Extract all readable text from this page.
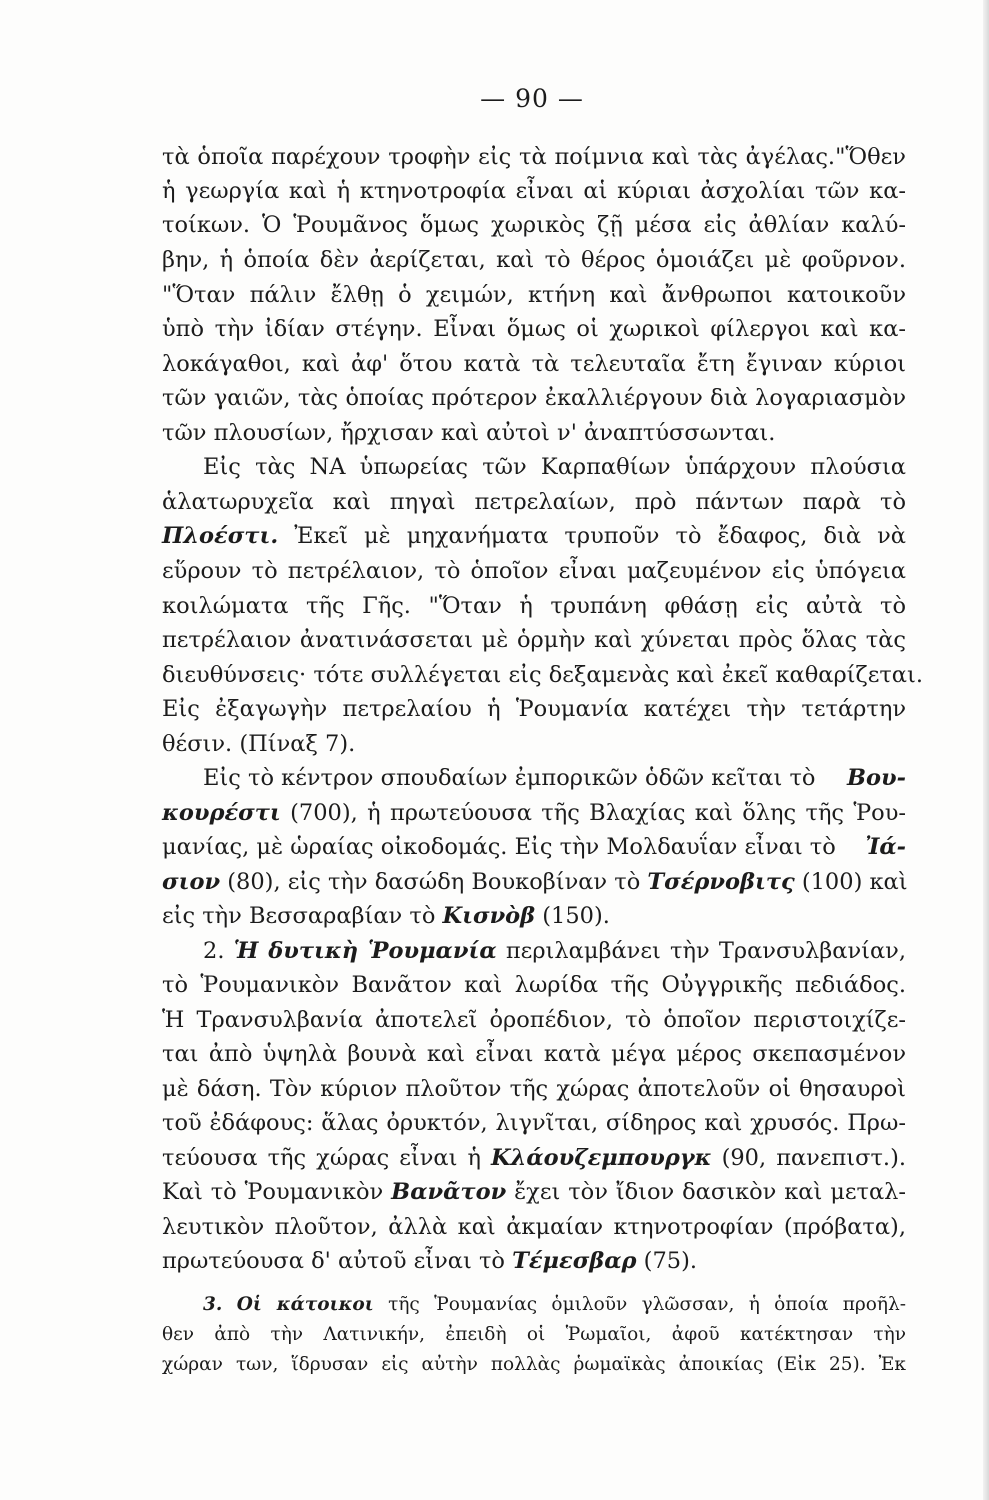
— 90 —
τὰ ὁποῖα παρέχουν τροφὴν εἰς τὰ ποίμνια καὶ τὰς ἀγέλας."Ὅθεν
ἡ γεωργία καὶ ἡ κτηνοτροφία εἶναι αἱ κύριαι ἀσχολίαι τῶν κα-
τοίκων. Ὁ Ῥουμᾶνος ὅμως χωρικὸς ζῇ μέσα εἰς ἀθλίαν καλύ-
βην, ἡ ὁποία δὲν ἀερίζεται, καὶ τὸ θέρος ὁμοιάζει μὲ φοῦρνον.
"Ὅταν πάλιν ἔλθῃ ὁ χειμών, κτήνη καὶ ἄνθρωποι κατοικοῦν
ὑπὸ τὴν ἰδίαν στέγην. Εἶναι ὅμως οἱ χωρικοὶ φίλεργοι καὶ κα-
λοκάγαθοι, καὶ ἀφ' ὅτου κατὰ τὰ τελευταῖα ἔτη ἔγιναν κύριοι
τῶν γαιῶν, τὰς ὁποίας πρότερον ἐκαλλιέργουν διὰ λογαριασμὸν
τῶν πλουσίων, ἤρχισαν καὶ αὐτοὶ ν' ἀναπτύσσωνται.
Εἰς τὰς ΝΑ ὑπωρείας τῶν Καρπαθίων ὑπάρχουν πλούσια
ἁλατωρυχεῖα καὶ πηγαὶ πετρελαίων, πρὸ πάντων παρὰ τὸ
Πλοέστι. Ἐκεῖ μὲ μηχανήματα τρυποῦν τὸ ἔδαφος, διὰ νὰ
εὕρουν τὸ πετρέλαιον, τὸ ὁποῖον εἶναι μαζευμένον εἰς ὑπόγεια
κοιλώματα τῆς Γῆς. "Ὅταν ἡ τρυπάνη φθάσῃ εἰς αὐτὰ τὸ
πετρέλαιον ἀνατινάσσεται μὲ ὁρμὴν καὶ χύνεται πρὸς ὅλας τὰς
διευθύνσεις· τότε συλλέγεται εἰς δεξαμενὰς καὶ ἐκεῖ καθαρίζεται.
Εἰς ἐξαγωγὴν πετρελαίου ἡ Ῥουμανία κατέχει τὴν τετάρτην
θέσιν. (Πίναξ 7).
Εἰς τὸ κέντρον σπουδαίων ἐμπορικῶν ὁδῶν κεῖται τὸ Βου-
κουρέστι (700), ἡ πρωτεύουσα τῆς Βλαχίας καὶ ὅλης τῆς Ῥου-
μανίας, μὲ ὡραίας οἰκοδομάς. Εἰς τὴν Μολδαυΐαν εἶναι τὸ Ἰά-
σιον (80), εἰς τὴν δασώδη Βουκοβίναν τὸ Τσέρνοβιτς (100) καὶ
εἰς τὴν Βεσσαραβίαν τὸ Κισνὸβ (150).
2. Ἡ δυτικὴ Ῥουμανία περιλαμβάνει τὴν Τρανσυλβανίαν,
τὸ Ῥουμανικὸν Βανᾶτον καὶ λωρίδα τῆς Οὐγγρικῆς πεδιάδος.
Ἡ Τρανσυλβανία ἀποτελεῖ ὀροπέδιον, τὸ ὁποῖον περιστοιχίζε-
ται ἀπὸ ὑψηλὰ βουνὰ καὶ εἶναι κατὰ μέγα μέρος σκεπασμένον
μὲ δάση. Τὸν κύριον πλοῦτον τῆς χώρας ἀποτελοῦν οἱ θησαυροὶ
τοῦ ἐδάφους: ἅλας ὀρυκτόν, λιγνῖται, σίδηρος καὶ χρυσός. Πρω-
τεύουσα τῆς χώρας εἶναι ἡ Κλάουζεμπουργκ (90, πανεπιστ.).
Καὶ τὸ Ῥουμανικὸν Βανᾶτον ἔχει τὸν ἴδιον δασικὸν καὶ μεταλ-
λευτικὸν πλοῦτον, ἀλλὰ καὶ ἀκμαίαν κτηνοτροφίαν (πρόβατα),
πρωτεύουσα δ' αὐτοῦ εἶναι τὸ Τέμεσβαρ (75).
3. Οἱ κάτοικοι τῆς Ῥουμανίας ὁμιλοῦν γλῶσσαν, ἡ ὁποία προῆλ-
θεν ἀπὸ τὴν Λατινικήν, ἐπειδὴ οἱ Ῥωμαῖοι, ἀφοῦ κατέκτησαν τὴν
χώραν των, ἵδρυσαν εἰς αὐτὴν πολλὰς ῥωμαϊκὰς ἀποικίας (Εἰκ 25). Ἐκ
